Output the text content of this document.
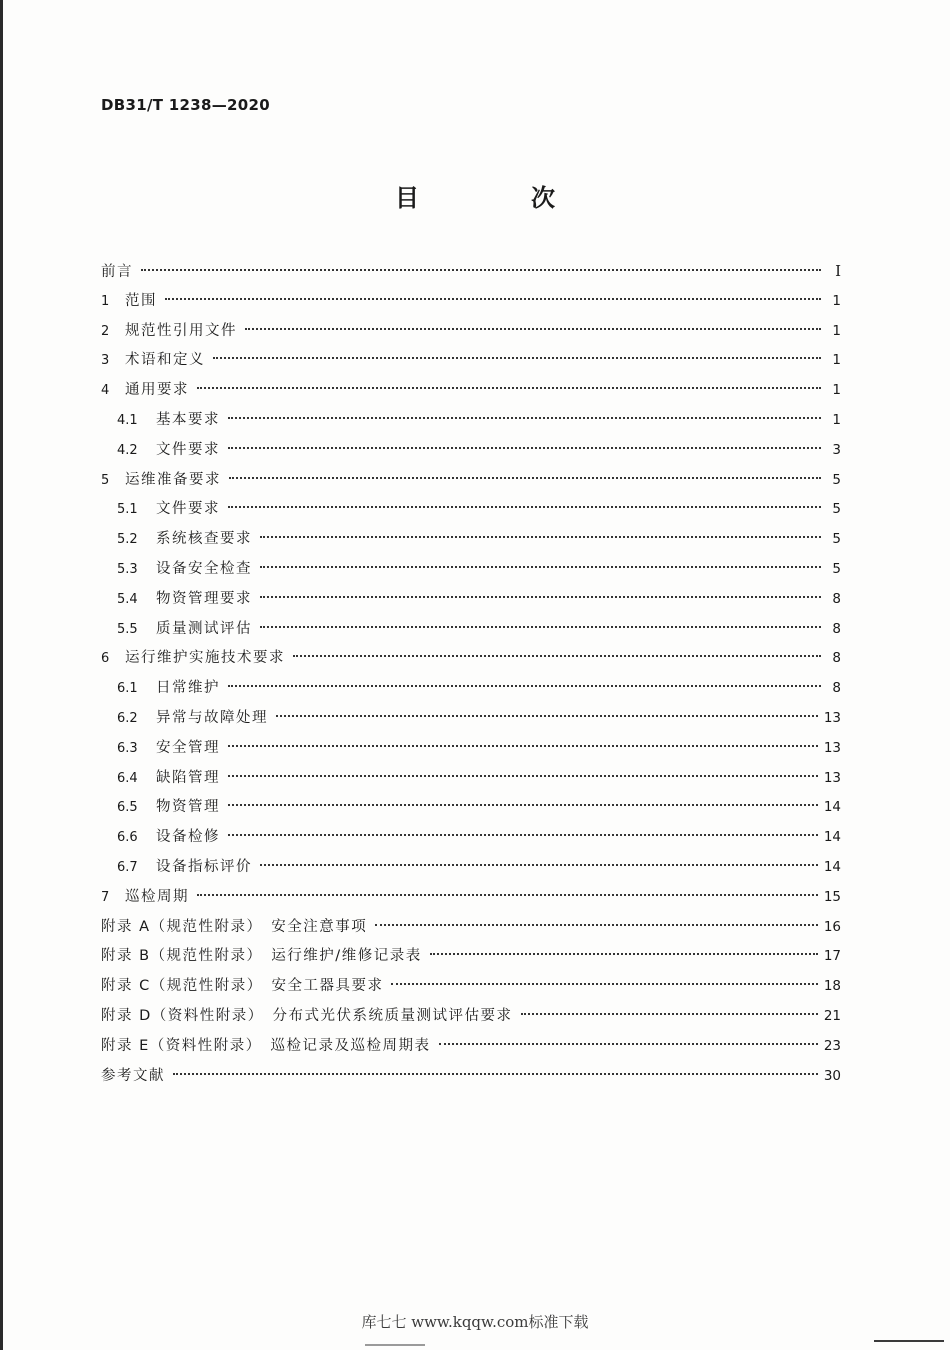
DB31/T 1238—2020
目　次
前言	I
1	范围	1
2	规范性引用文件	1
3	术语和定义	1
4	通用要求	1
4.1	基本要求	1
4.2	文件要求	3
5	运维准备要求	5
5.1	文件要求	5
5.2	系统核查要求	5
5.3	设备安全检查	5
5.4	物资管理要求	8
5.5	质量测试评估	8
6	运行维护实施技术要求	8
6.1	日常维护	8
6.2	异常与故障处理	13
6.3	安全管理	13
6.4	缺陷管理	13
6.5	物资管理	14
6.6	设备检修	14
6.7	设备指标评价	14
7	巡检周期	15
附录 A（规范性附录）　安全注意事项	16
附录 B（规范性附录）　运行维护/维修记录表	17
附录 C（规范性附录）　安全工器具要求	18
附录 D（资料性附录）　分布式光伏系统质量测试评估要求	21
附录 E（资料性附录）　巡检记录及巡检周期表	23
参考文献	30
库七七 www.kqqw.com标准下载
